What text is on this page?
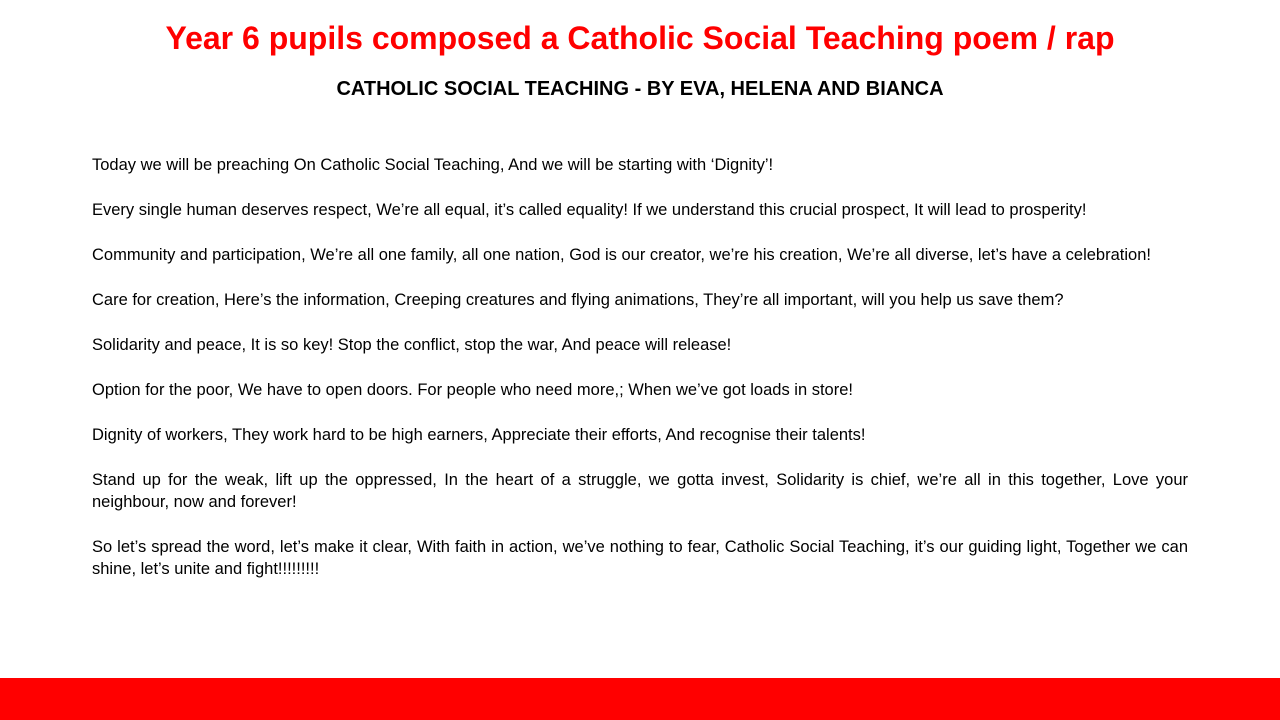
Year 6 pupils composed a Catholic Social Teaching poem / rap
CATHOLIC SOCIAL TEACHING - BY EVA, HELENA AND BIANCA

Today we will be preaching On Catholic Social Teaching, And we will be starting with ‘Dignity’!

Every single human deserves respect, We’re all equal, it’s called equality! If we understand this crucial prospect, It will lead to prosperity!

Community and participation, We’re all one family, all one nation, God is our creator, we’re his creation, We’re all diverse, let’s have a celebration!

Care for creation, Here’s the information, Creeping creatures and flying animations, They’re all important, will you help us save them?

Solidarity and peace, It is so key! Stop the conflict, stop the war, And peace will release!

Option for the poor, We have to open doors. For people who need more,; When we’ve got loads in store!

Dignity of workers, They work hard to be high earners, Appreciate their efforts, And recognise their talents!

Stand up for the weak, lift up the oppressed, In the heart of a struggle, we gotta invest, Solidarity is chief, we’re all in this together, Love your neighbour, now and forever!

So let’s spread the word, let’s make it clear, With faith in action, we’ve nothing to fear, Catholic Social Teaching, it’s our guiding light, Together we can shine, let’s unite and fight!!!!!!!!!
